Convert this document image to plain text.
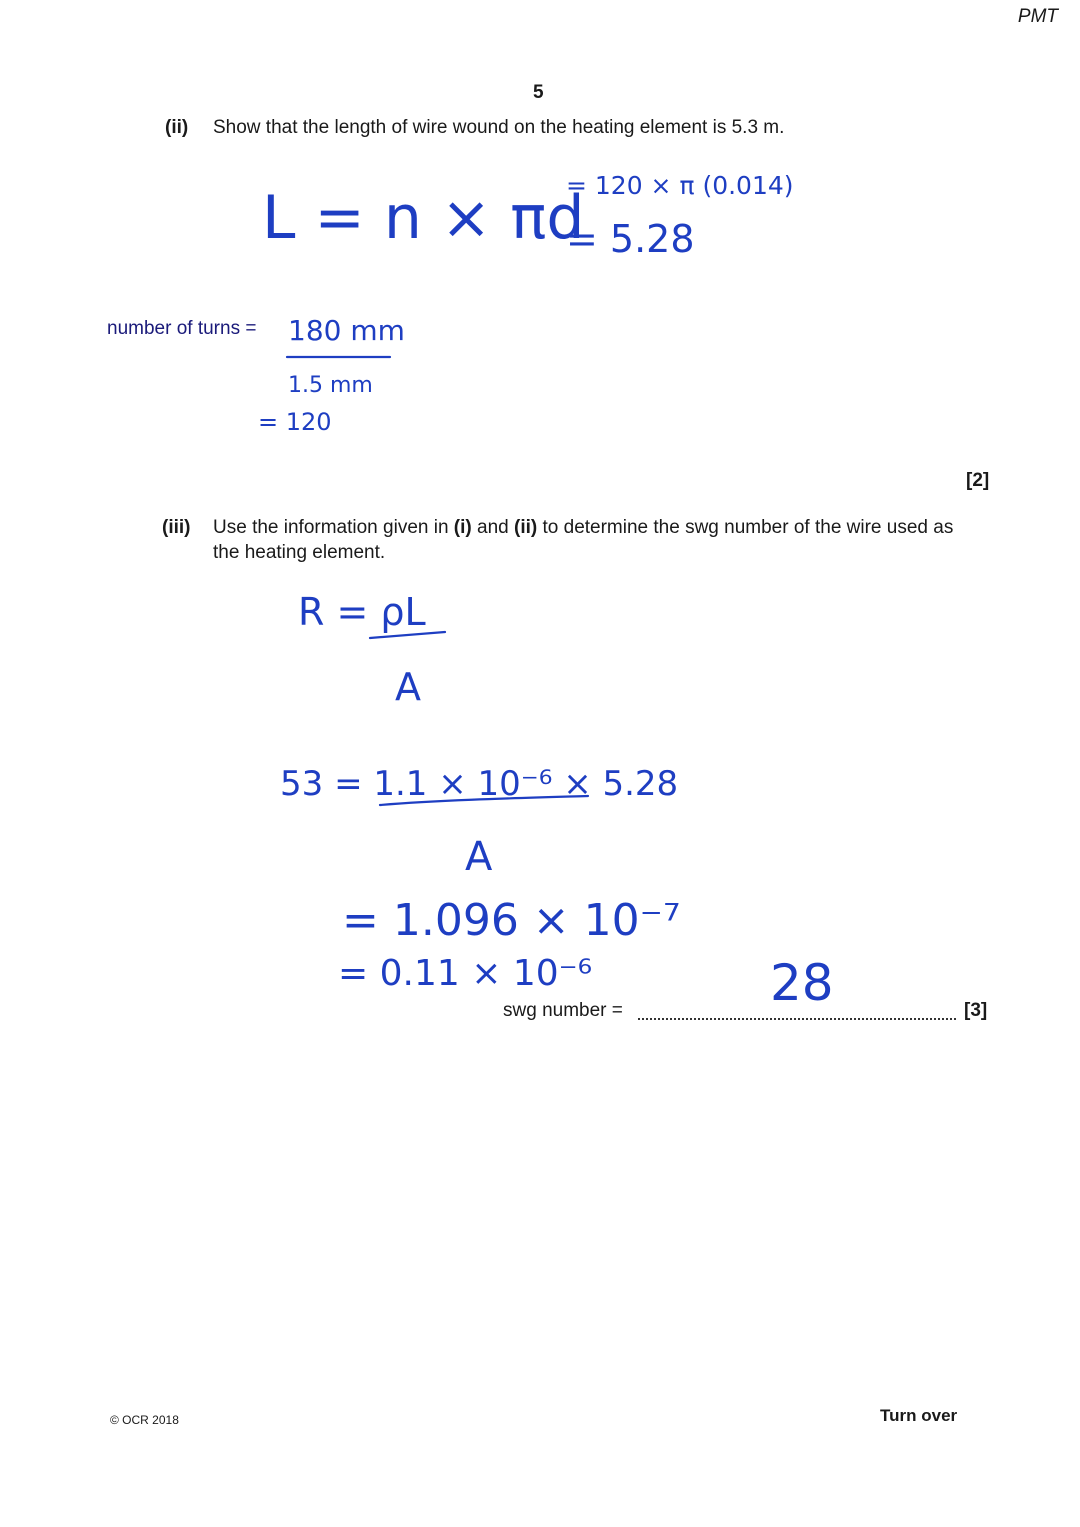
PMT
5
(ii) Show that the length of wire wound on the heating element is 5.3 m.
number of turns =
[2]
(iii) Use the information given in (i) and (ii) to determine the swg number of the wire used as
the heating element.
swg number =	[3]
© OCR 2018	Turn over
L = n × πd
= 120 × π (0.014)
= 5.28
180 mm
1.5 mm
= 120
R = ρL
A
53 = 1.1 × 10⁻⁶ × 5.28
A
= 1.096 × 10⁻⁷
= 0.11 × 10⁻⁶	28
